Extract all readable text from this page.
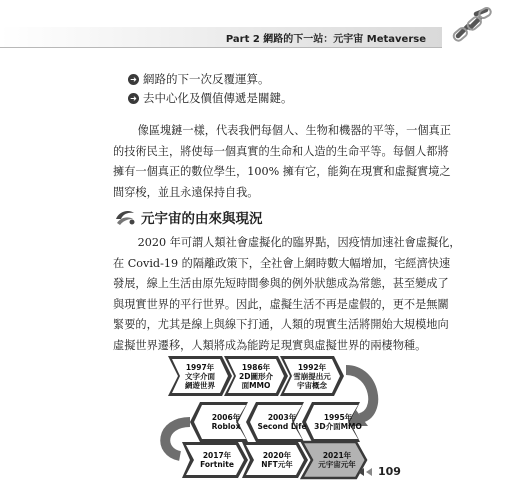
Part 2 網路的下一站：元宇宙 Metaverse
➜ 網路的下一次反覆運算。
➜ 去中心化及價值傳遞是關鍵。
像區塊鏈一樣，代表我們每個人、生物和機器的平等，一個真正
的技術民主，將使每一個真實的生命和人造的生命平等。每個人都將
擁有一個真正的數位學生，100% 擁有它，能夠在現實和虛擬實境之
間穿梭，並且永遠保持自我。
元宇宙的由來與現況
2020 年可謂人類社會虛擬化的臨界點，因疫情加速社會虛擬化，
在 Covid-19 的隔離政策下，全社會上網時數大幅增加，宅經濟快速
發展，線上生活由原先短時間參與的例外狀態成為常態，甚至變成了
與現實世界的平行世界。因此，虛擬生活不再是虛假的，更不是無關
緊要的，尤其是線上與線下打通，人類的現實生活將開始大規模地向
虛擬世界遷移，人類將成為能跨足現實與虛擬世界的兩棲物種。
1997年
文字介面
網遊世界
1986年
2D圖形介
面MMO
1992年
雪崩提出元
宇宙概念
2006年
Roblox
2003年
Second Life
1995年
3D介面MMO
2017年
Fortnite
2020年
NFT元年
2021年
元宇宙元年
109
